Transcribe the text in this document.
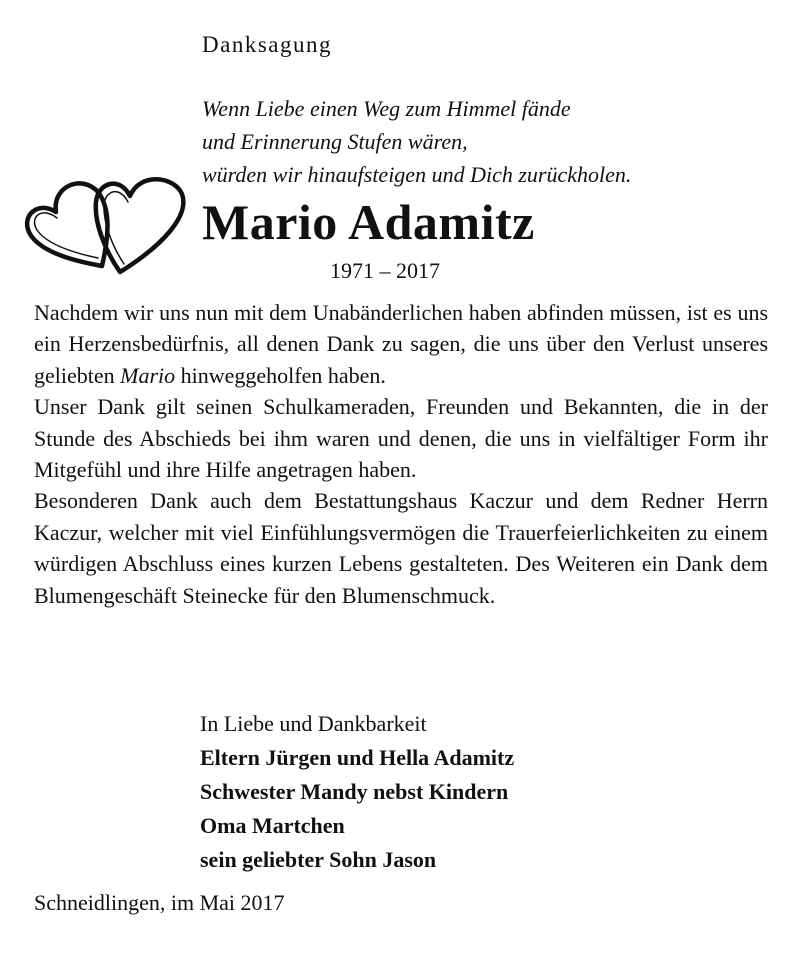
Danksagung
Wenn Liebe einen Weg zum Himmel fände
und Erinnerung Stufen wären,
würden wir hinaufsteigen und Dich zurückholen.
Mario Adamitz
1971 – 2017

Nachdem wir uns nun mit dem Unabänderlichen haben abfinden müssen, ist es uns ein Herzensbedürfnis, all denen Dank zu sagen, die uns über den Verlust unseres geliebten Mario hinweggeholfen haben.

Unser Dank gilt seinen Schulkameraden, Freunden und Bekannten, die in der Stunde des Abschieds bei ihm waren und denen, die uns in vielfältiger Form ihr Mitgefühl und ihre Hilfe angetragen haben.

Besonderen Dank auch dem Bestattungshaus Kaczur und dem Redner Herrn Kaczur, welcher mit viel Einfühlungsvermögen die Trauerfeierlichkeiten zu einem würdigen Abschluss eines kurzen Lebens gestalteten. Des Weiteren ein Dank dem Blumengeschäft Steinecke für den Blumenschmuck.

In Liebe und Dankbarkeit
Eltern Jürgen und Hella Adamitz
Schwester Mandy nebst Kindern
Oma Martchen
sein geliebter Sohn Jason
Schneidlingen, im Mai 2017
